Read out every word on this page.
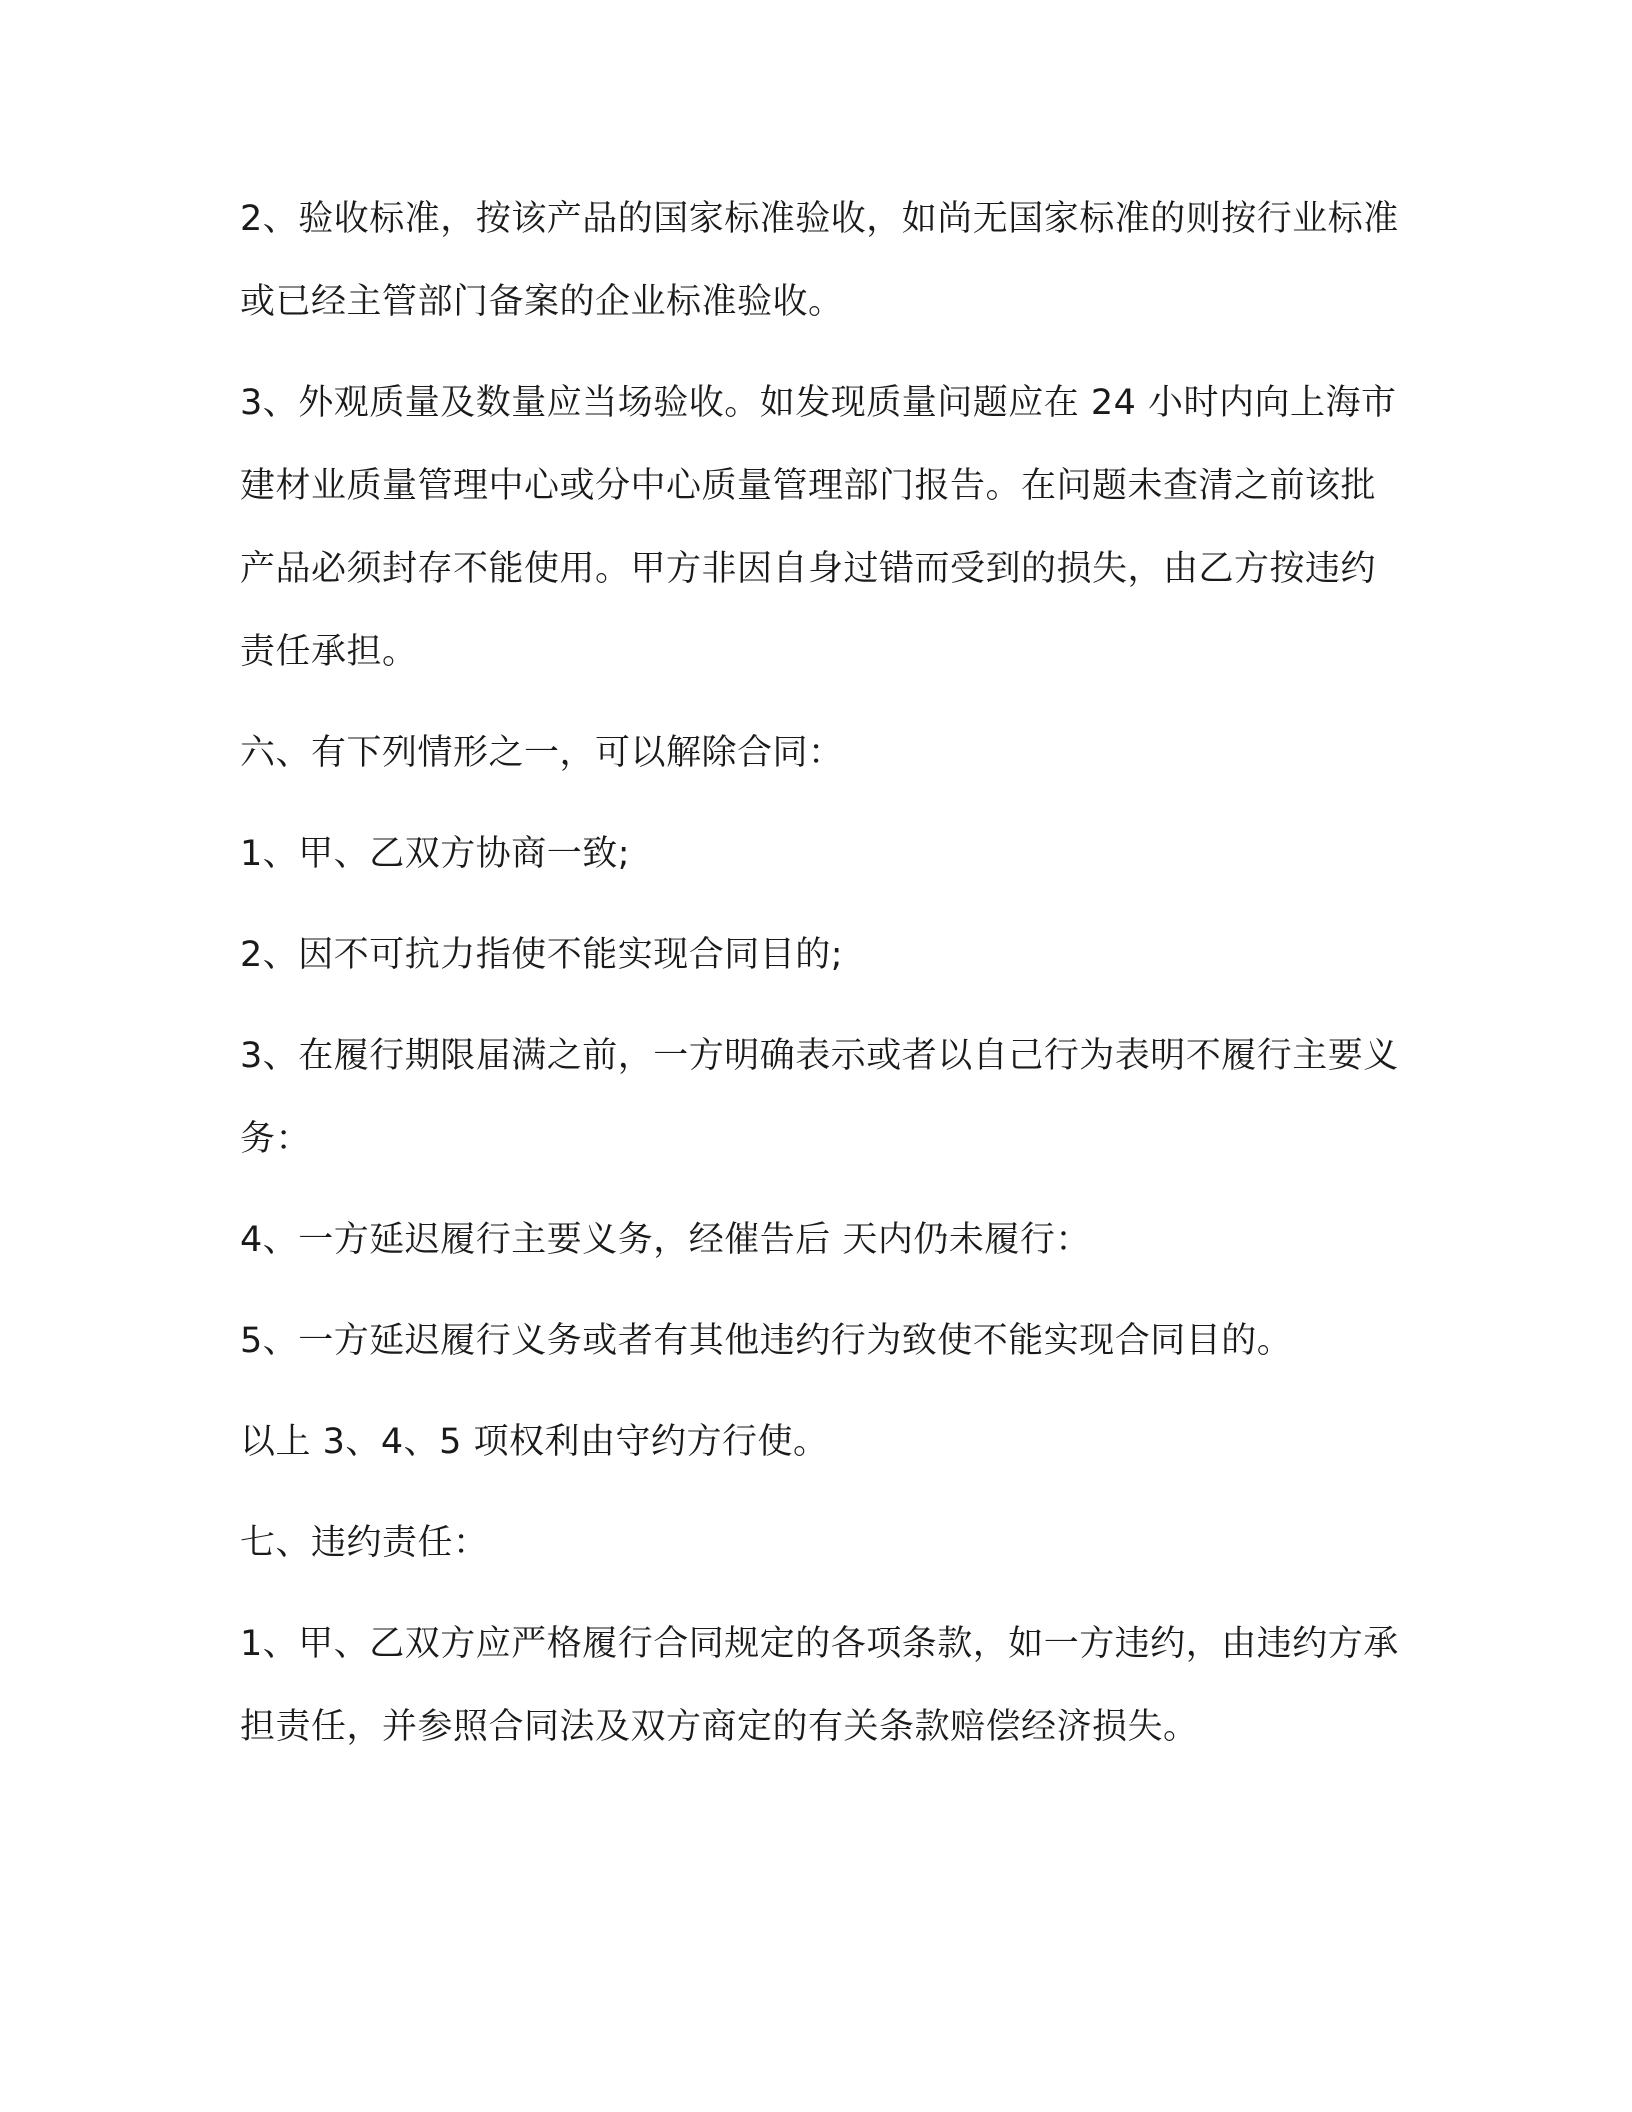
2、验收标准，按该产品的国家标准验收，如尚无国家标准的则按行业标准或已经主管部门备案的企业标准验收。

3、外观质量及数量应当场验收。如发现质量问题应在 24 小时内向上海市建材业质量管理中心或分中心质量管理部门报告。在问题未查清之前该批产品必须封存不能使用。甲方非因自身过错而受到的损失，由乙方按违约责任承担。

六、有下列情形之一，可以解除合同：

1、甲、乙双方协商一致;

2、因不可抗力指使不能实现合同目的;

3、在履行期限届满之前，一方明确表示或者以自己行为表明不履行主要义务：

4、一方延迟履行主要义务，经催告后 天内仍未履行：

5、一方延迟履行义务或者有其他违约行为致使不能实现合同目的。

以上 3、4、5 项权利由守约方行使。

七、违约责任：

1、甲、乙双方应严格履行合同规定的各项条款，如一方违约，由违约方承担责任，并参照合同法及双方商定的有关条款赔偿经济损失。
